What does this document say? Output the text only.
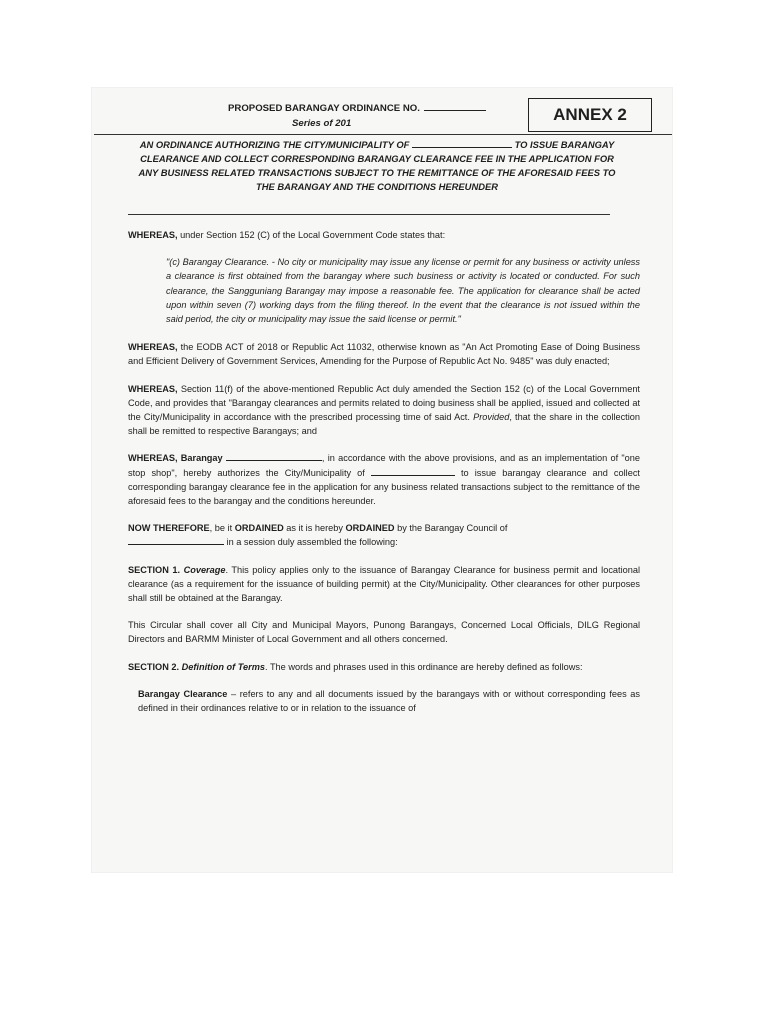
PROPOSED BARANGAY ORDINANCE NO.
Series of 201	ANNEX 2
AN ORDINANCE AUTHORIZING THE CITY/MUNICIPALITY OF	TO ISSUE BARANGAY CLEARANCE AND COLLECT CORRESPONDING BARANGAY CLEARANCE FEE IN THE APPLICATION FOR ANY BUSINESS RELATED TRANSACTIONS SUBJECT TO THE REMITTANCE OF THE AFORESAID FEES TO THE BARANGAY AND THE CONDITIONS HEREUNDER

WHEREAS, under Section 152 (C) of the Local Government Code states that:

"(c) Barangay Clearance. - No city or municipality may issue any license or permit for any business or activity unless a clearance is first obtained from the barangay where such business or activity is located or conducted. For such clearance, the Sangguniang Barangay may impose a reasonable fee. The application for clearance shall be acted upon within seven (7) working days from the filing thereof. In the event that the clearance is not issued within the said period, the city or municipality may issue the said license or permit."

WHEREAS, the EODB ACT of 2018 or Republic Act 11032, otherwise known as "An Act Promoting Ease of Doing Business and Efficient Delivery of Government Services, Amending for the Purpose of Republic Act No. 9485" was duly enacted;

WHEREAS, Section 11(f) of the above-mentioned Republic Act duly amended the Section 152 (c) of the Local Government Code, and provides that "Barangay clearances and permits related to doing business shall be applied, issued and collected at the City/Municipality in accordance with the prescribed processing time of said Act. Provided, that the share in the collection shall be remitted to respective Barangays; and

WHEREAS, Barangay	, in accordance with the above provisions, and as an implementation of "one stop shop", hereby authorizes the City/Municipality of	to issue barangay clearance and collect corresponding barangay clearance fee in the application for any business related transactions subject to the remittance of the aforesaid fees to the barangay and the conditions hereunder.

NOW THEREFORE, be it ORDAINED as it is hereby ORDAINED by the Barangay Council of
in a session duly assembled the following:

SECTION 1. Coverage. This policy applies only to the issuance of Barangay Clearance for business permit and locational clearance (as a requirement for the issuance of building permit) at the City/Municipality. Other clearances for other purposes shall still be obtained at the Barangay.

This Circular shall cover all City and Municipal Mayors, Punong Barangays, Concerned Local Officials, DILG Regional Directors and BARMM Minister of Local Government and all others concerned.

SECTION 2. Definition of Terms. The words and phrases used in this ordinance are hereby defined as follows:

Barangay Clearance – refers to any and all documents issued by the barangays with or without corresponding fees as defined in their ordinances relative to or in relation to the issuance of
